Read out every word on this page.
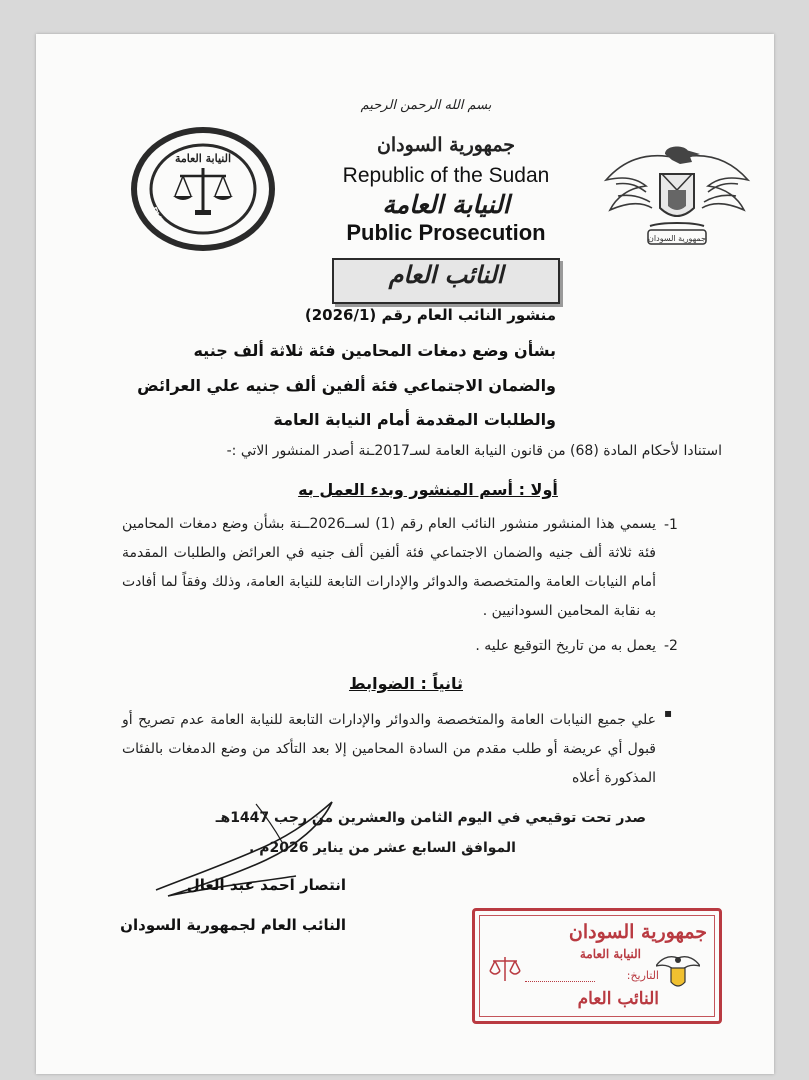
بسم الله الرحمن الرحيم
جمهورية السودان
Republic of the Sudan
النيابة العامة
Public Prosecution
PUBLIC PROSECUTION
النيابة العامة
جمهورية السودان
النائب العام
منشور النائب العام رقم (2026/1)
بشأن وضع دمغات المحامين فئة ثلاثة ألف جنيه
والضمان الاجتماعي فئة ألفين ألف جنيه علي العرائض
والطلبات المقدمة أمام النيابة العامة
استنادا لأحكام المادة (68) من قانون النيابة العامة لسـ2017ـنة أصدر المنشور الاتي :-
أولا : أسم المنشور وبدء العمل به
-1
يسمي هذا المنشور منشور النائب العام رقم (1) لســ2026ــنة بشأن وضع دمغات المحامين فئة ثلاثة ألف جنيه والضمان الاجتماعي فئة ألفين ألف جنيه في العرائض والطلبات المقدمة أمام النيابات العامة والمتخصصة والدوائر والإدارات التابعة للنيابة العامة، وذلك وفقاً لما أفادت به نقابة المحامين السودانيين .
-2
يعمل به من تاريخ التوقيع عليه .
ثانياً : الضوابط
▪
علي جميع النيابات العامة والمتخصصة والدوائر والإدارات التابعة للنيابة العامة عدم تصريح أو قبول أي عريضة أو طلب مقدم من السادة المحامين إلا بعد التأكد من وضع الدمغات بالفئات المذكورة أعلاه
صدر تحت توقيعي في اليوم الثامن والعشرين من رجب 1447هـ
الموافق السابع عشر من يناير 2026م .
انتصار احمد عبد العال
النائب العام لجمهورية السودان	جمهورية السودان
النيابة العامة
التاريخ:
النائب العام
